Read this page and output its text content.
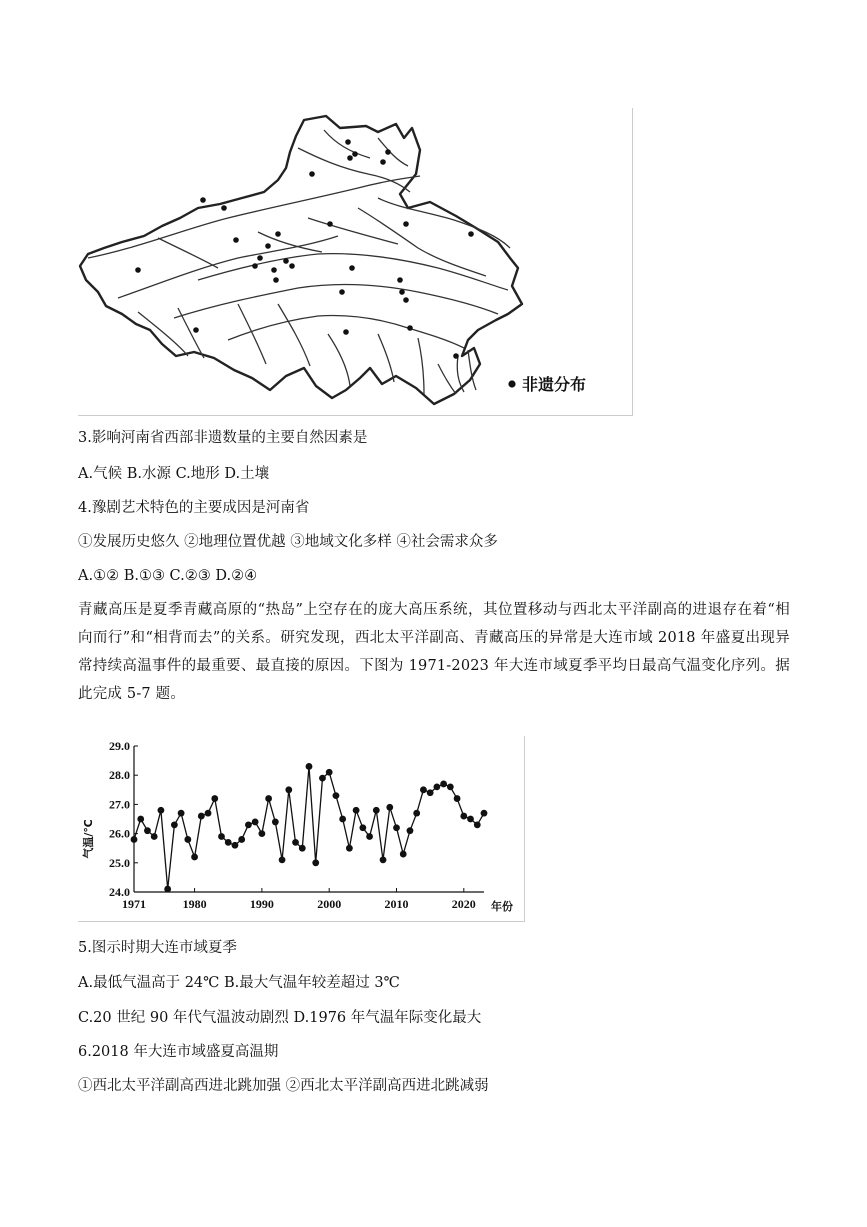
非遗分布
3.影响河南省西部非遗数量的主要自然因素是
A.气候 B.水源 C.地形 D.土壤
4.豫剧艺术特色的主要成因是河南省
①发展历史悠久 ②地理位置优越 ③地域文化多样 ④社会需求众多
A.①② B.①③ C.②③ D.②④
青藏高压是夏季青藏高原的“热岛”上空存在的庞大高压系统，其位置移动与西北太平洋副高的进退存在着“相向而行”和“相背而去”的关系。研究发现，西北太平洋副高、青藏高压的异常是大连市域 2018 年盛夏出现异常持续高温事件的最重要、最直接的原因。下图为 1971-2023 年大连市域夏季平均日最高气温变化序列。据此完成 5-7 题。
29.0
28.0
27.0
26.0
25.0
24.0
1971	1980	1990	2000	2010	2020
气温/℃
年份
5.图示时期大连市域夏季
A.最低气温高于 24℃ B.最大气温年较差超过 3℃
C.20 世纪 90 年代气温波动剧烈 D.1976 年气温年际变化最大
6.2018 年大连市域盛夏高温期
①西北太平洋副高西进北跳加强 ②西北太平洋副高西进北跳减弱
